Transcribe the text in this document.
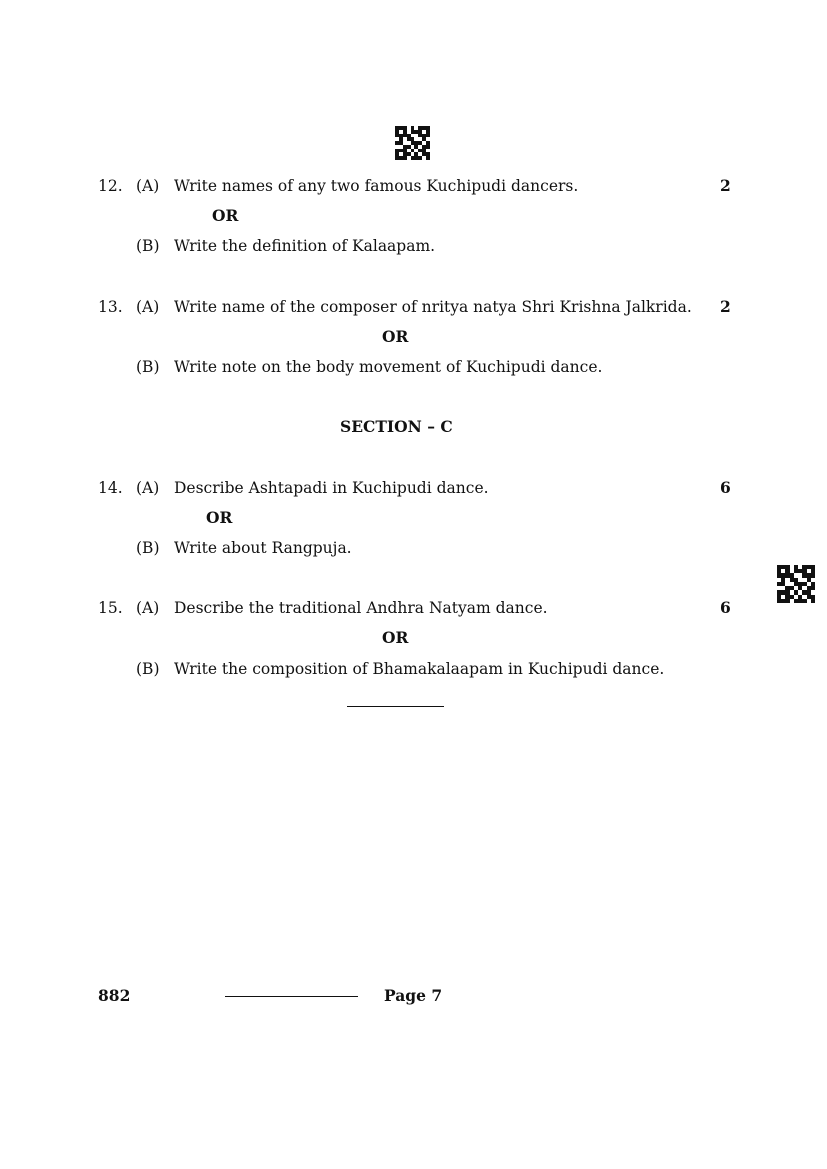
12. (A) Write names of any two famous Kuchipudi dancers.	2
OR
(B) Write the definition of Kalaapam.
13. (A) Write name of the composer of nritya natya Shri Krishna Jalkrida. 2
OR
(B) Write note on the body movement of Kuchipudi dance.
SECTION – C
14. (A) Describe Ashtapadi in Kuchipudi dance.	6
OR
(B) Write about Rangpuja.
15. (A) Describe the traditional Andhra Natyam dance.	6
OR
(B) Write the composition of Bhamakalaapam in Kuchipudi dance.
882	Page 7
